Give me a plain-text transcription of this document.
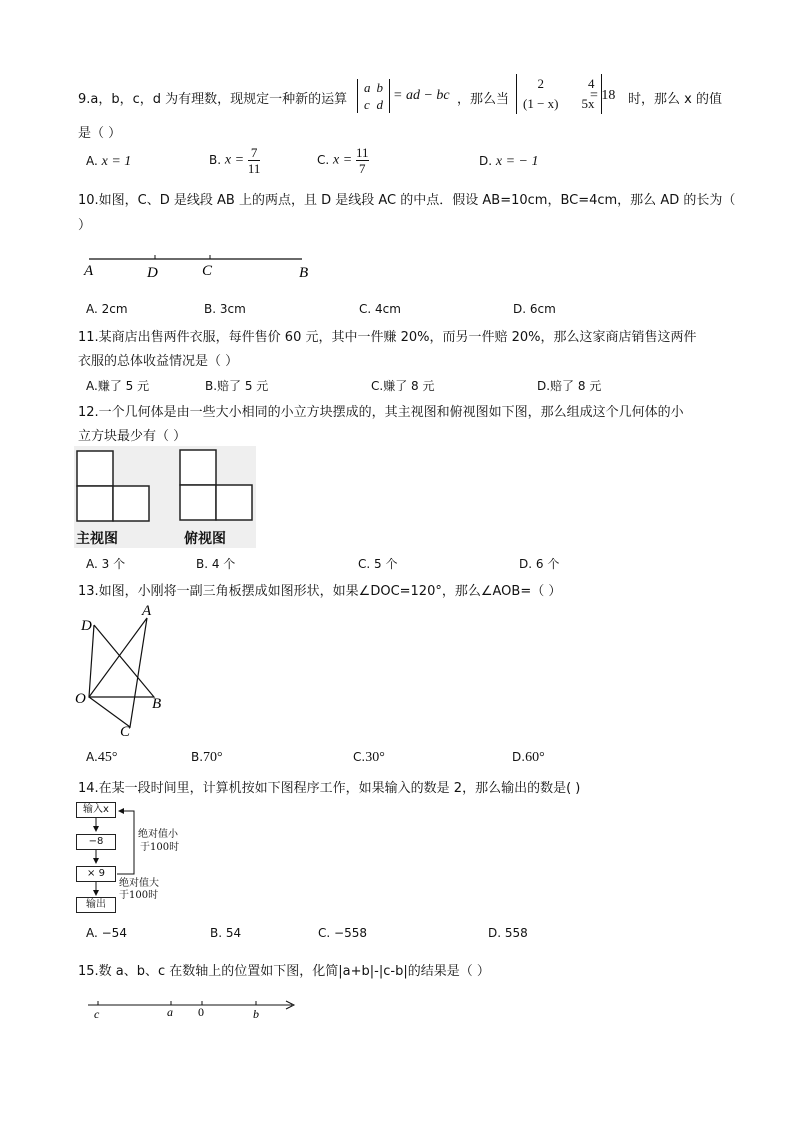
9.a，b，c，d 为有理数，现规定一种新的运算
a	b
c	d
= ad − bc ，那么当
2	4
(1 − x)	5x
= 18 时，那么 x 的值
是（ ）
A. x = 1	B. $x = \frac{7}{11}$	C. $x = \frac{11}{7}$	D. x = − 1
10.如图，C、D 是线段 AB 上的两点，且 D 是线段 AC 的中点．假设 AB=10cm，BC=4cm，那么 AD 的长为（
）
A	D	C	B
A. 2cm	B. 3cm	C. 4cm	D. 6cm
11.某商店出售两件衣服，每件售价 60 元，其中一件赚 20%，而另一件赔 20%，那么这家商店销售这两件
衣服的总体收益情况是（ ）
A.赚了 5 元	B.赔了 5 元	C.赚了 8 元	D.赔了 8 元
12.一个几何体是由一些大小相同的小立方块摆成的，其主视图和俯视图如下图，那么组成这个几何体的小
立方块最少有（ ）
主视图	俯视图
A. 3 个	B. 4 个	C. 5 个	D. 6 个
13.如图，小刚将一副三角板摆成如图形状，如果∠DOC=120°，那么∠AOB=（ ）
A
D
O	B
C
A.45°	B.70°	C.30°	D.60°
14.在某一段时间里，计算机按如下图程序工作，如果输入的数是 2，那么输出的数是( )
输入x
−8
× 9
输出
绝对值小
于100时
绝对值大
于100时
A. −54	B. 54	C. −558	D. 558
15.数 a、b、c 在数轴上的位置如下图，化简|a+b|-|c-b|的结果是（ ）
c	a 0	b
